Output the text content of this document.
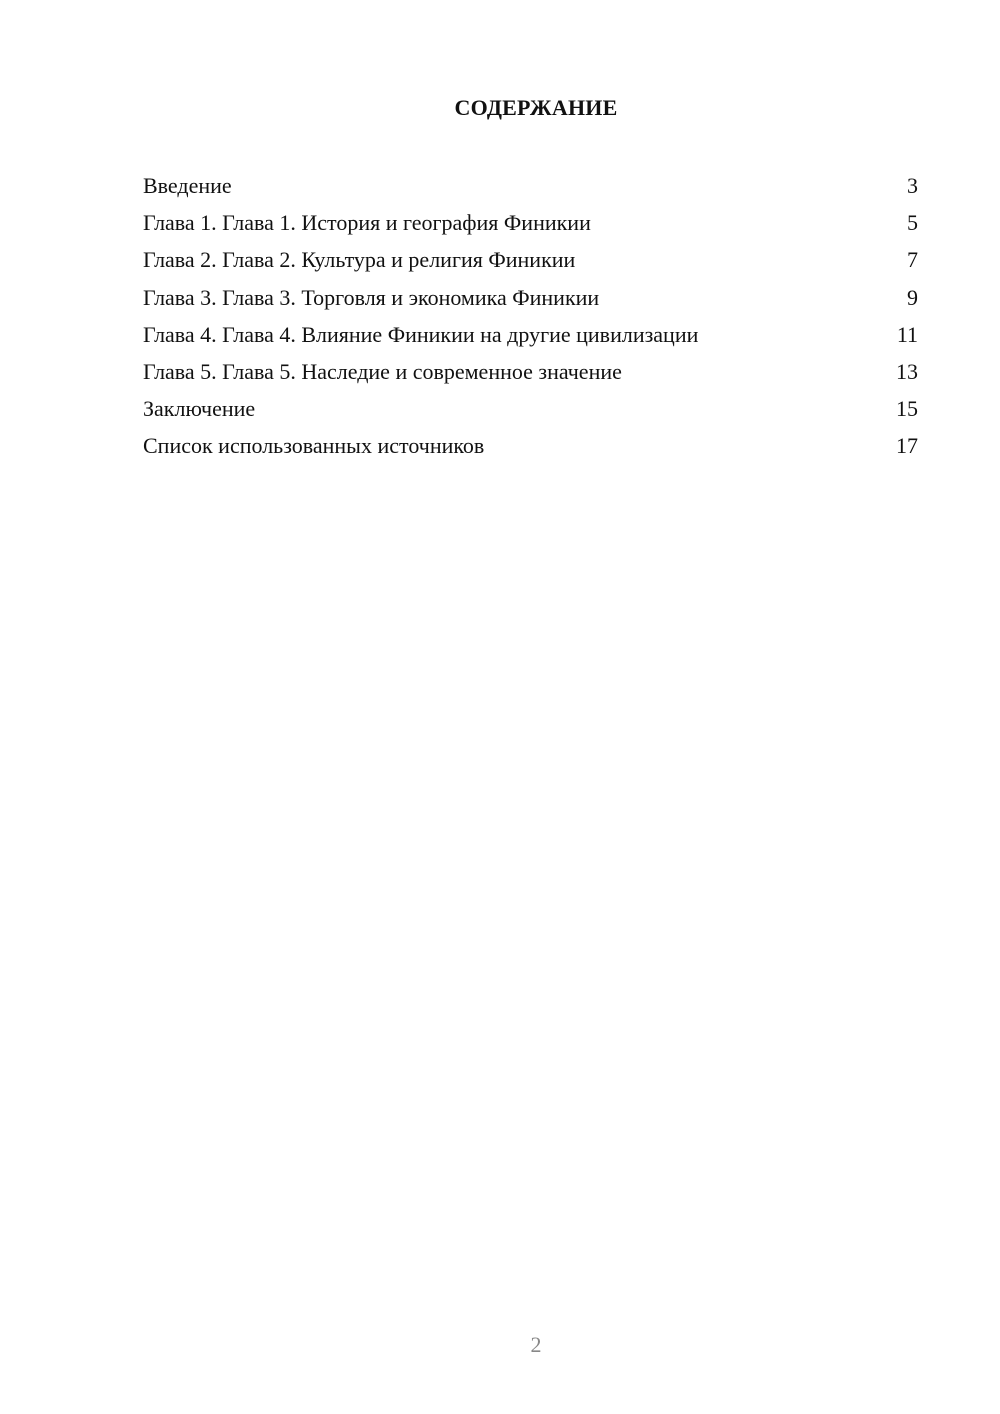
СОДЕРЖАНИЕ
Введение	3
Глава 1. Глава 1. История и география Финикии	5
Глава 2. Глава 2. Культура и религия Финикии	7
Глава 3. Глава 3. Торговля и экономика Финикии	9
Глава 4. Глава 4. Влияние Финикии на другие цивилизации	11
Глава 5. Глава 5. Наследие и современное значение	13
Заключение	15
Список использованных источников	17
2
